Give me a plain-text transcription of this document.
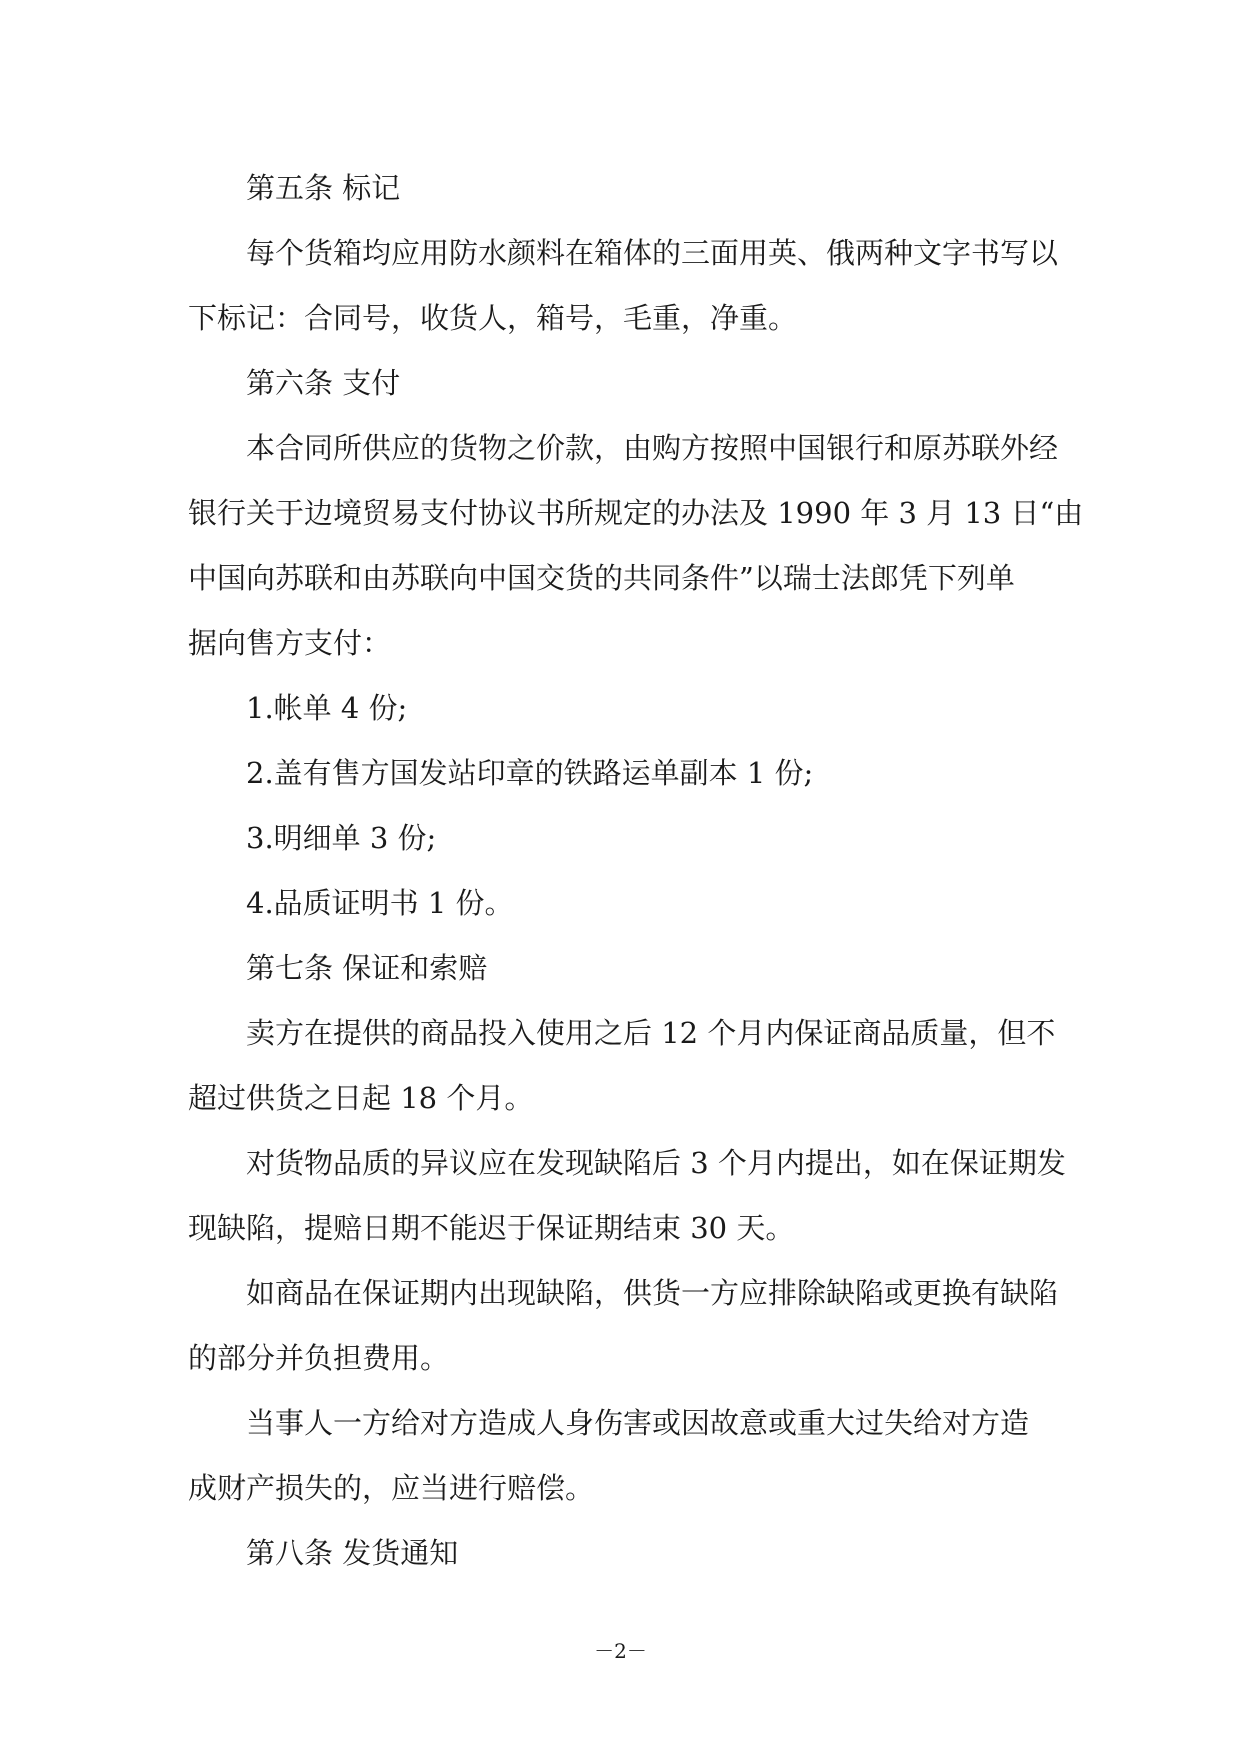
第五条 标记
每个货箱均应用防水颜料在箱体的三面用英、俄两种文字书写以
下标记：合同号，收货人，箱号，毛重，净重。
第六条 支付
本合同所供应的货物之价款，由购方按照中国银行和原苏联外经
银行关于边境贸易支付协议书所规定的办法及 1990 年 3 月 13 日“由
中国向苏联和由苏联向中国交货的共同条件”以瑞士法郎凭下列单
据向售方支付：
1.帐单 4 份;
2.盖有售方国发站印章的铁路运单副本 1 份;
3.明细单 3 份;
4.品质证明书 1 份。
第七条 保证和索赔
卖方在提供的商品投入使用之后 12 个月内保证商品质量，但不
超过供货之日起 18 个月。
对货物品质的异议应在发现缺陷后 3 个月内提出，如在保证期发
现缺陷，提赔日期不能迟于保证期结束 30 天。
如商品在保证期内出现缺陷，供货一方应排除缺陷或更换有缺陷
的部分并负担费用。
当事人一方给对方造成人身伤害或因故意或重大过失给对方造
成财产损失的，应当进行赔偿。
第八条 发货通知
－2－
